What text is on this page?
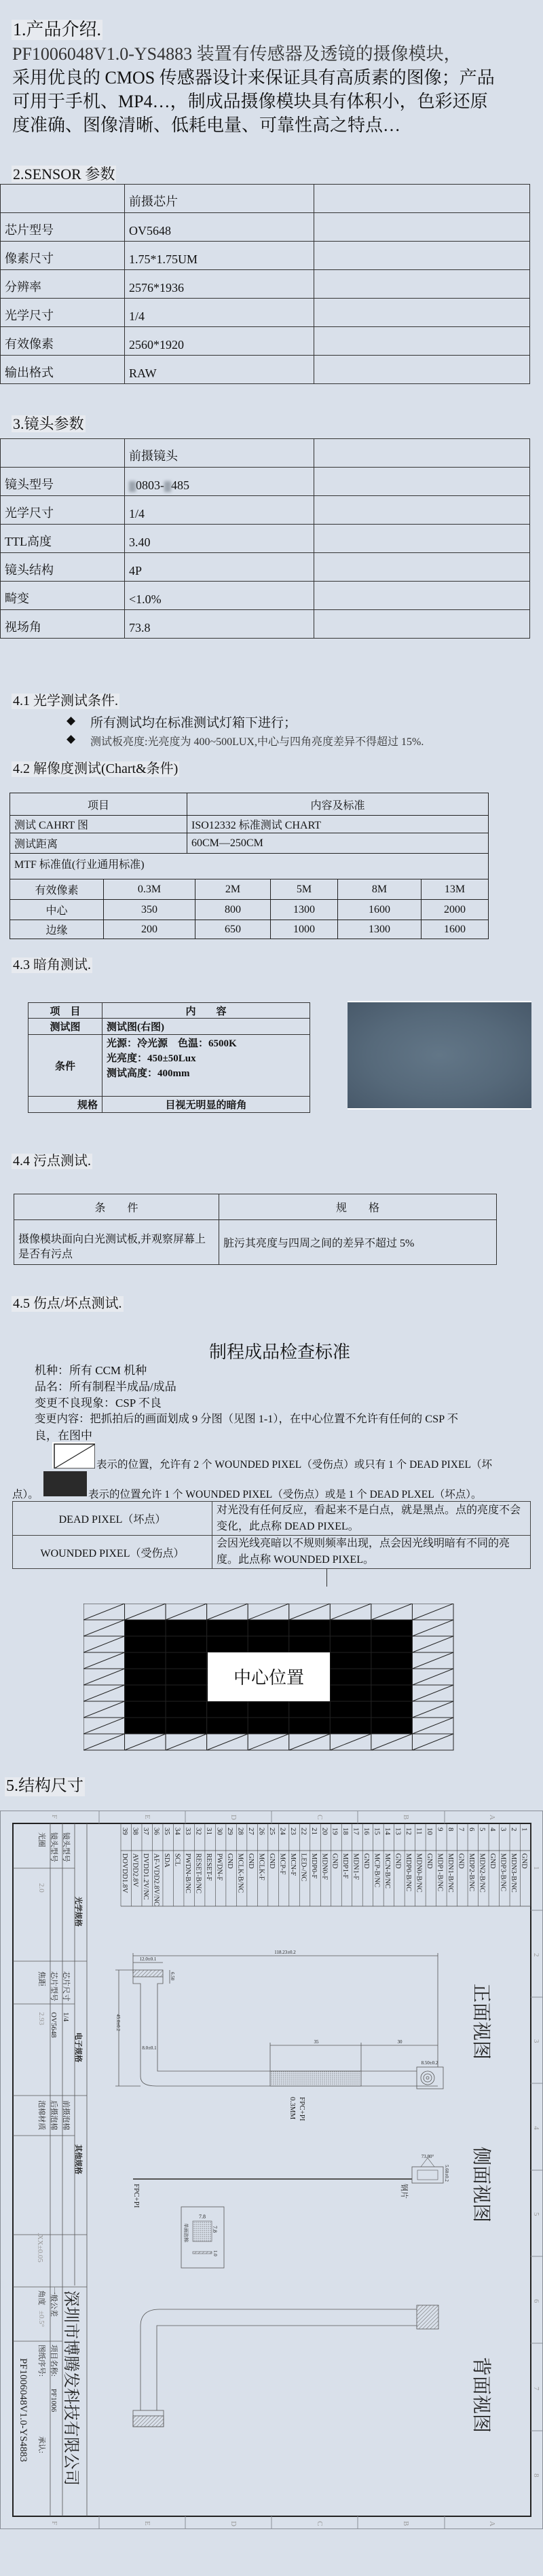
1.产品介绍.
PF1006048V1.0-YS4883 装置有传感器及透镜的摄像模块，
采用优良的 CMOS 传感器设计来保证具有高质素的图像；产品
可用于手机、MP4…，制成品摄像模块具有体积小，色彩还原
度准确、图像清晰、低耗电量、可靠性高之特点…
2.SENSOR 参数
	前摄芯片	
芯片型号	OV5648	
像素尺寸	1.75*1.75UM	
分辨率	2576*1936	
光学尺寸	1/4	
有效像素	2560*1920	
输出格式	RAW	
3.镜头参数
	前摄镜头	
镜头型号	0803- 485	
光学尺寸	1/4	
TTL高度	3.40	
镜头结构	4P	
畸变	<1.0%	
视场角	73.8	
4.1 光学测试条件.
◆ 所有测试均在标准测试灯箱下进行；
◆ 测试板亮度:光亮度为 400~500LUX,中心与四角亮度差异不得超过 15%.
4.2 解像度测试(Chart&条件)
项目	内容及标准
测试 CAHRT 图	ISO12332 标准测试 CHART
测试距离	60CM—250CM
MTF 标准值(行业通用标准)	
有效像素	0.3M	2M	5M	8M	13M
中心	350	800	1300	1600	2000
边缘	200	650	1000	1300	1600
4.3 暗角测试.
项　目	内　　容
测试图	测试图(右图)
条件	光源：冷光源　色温：6500K
光亮度：450±50Lux
测试高度：400mm

规格	目视无明显的暗角
4.4 污点测试.
条　　件	规　　格
摄像模块面向白光测试板,并观察屏幕上是否有污点	脏污其亮度与四周之间的差异不超过 5%
4.5 伤点/坏点测试.
制程成品检查标准
机种：所有 CCM 机种
品名：所有制程半成品/成品
变更不良现象：CSP 不良
变更内容：把抓拍后的画面划成 9 分图（见图 1-1），在中心位置不允许有任何的 CSP 不
良，在图中
表示的位置，允许有 2 个 WOUNDED PIXEL（受伤点）或只有 1 个 DEAD PIXEL（坏
点）。	表示的位置允许 1 个 WOUNDED PIXEL（受伤点）或是 1 个 DEAD PLXEL（坏点）。
DEAD PIXEL（坏点）	对光没有任何反应，看起来不是白点，就是黑点。点的亮度不会变化，此点称 DEAD PIXEL。
WOUNDED PIXEL（受伤点）	会因光线亮暗以不规则频率出现，点会因光线明暗有不同的亮度。此点称 WOUNDED PIXEL。
中心位置
5.结构尺寸
F
F
E
E
D
D
C
C
B
B
A
A
1
2
3
4
5
6
7
8
1
GND
2
MDN3-B/NC
3
MDP3-B/NC
4
GND
5
MDN2-B/NC
6
MDP2-B/NC
7
GND
8
MDN1-B/NC
9
MDP1-B/NC
10
GND
11
MDN0-B/NC
12
MDP0-B/NC
13
GND
14
MCN-B/NC
15
MCP-B/NC
16
GND
17
MDN1-F
18
MDP1-F
19
GND
20
MDN0-F
21
MDP0-F
22
LED-/NC
23
MCN-F
24
MCP-F
25
GND
26
MCLK-F
27
GND
28
MCLK-B/NC
29
GND
30
PWDN-F
31
RESET-F
32
RESET-B/NC
33
PWDN-B/NC
34
SCL
35
SDA
36
AF-VDD2.8V/NC
37
DVDD1.2V/NC
38
AVDD2.8V
39
DOVDD1.8V
镜头型号
镜头型号
光圈
2.0
光学规格
芯片尺寸
1/4
芯片型号
OV5648
焦距
2.93
电子规格
前摄泡棉
后摄泡棉
泡棉材质
其他规格
.XX±0.05
一般公差
角度
±0.5° 深圳市博腾发科技有限公司
项目名称:
PF1006
图纸序号:
承认:
PF1006048V1.0-YS4883
正面视图
侧面视图
背面视图
118.23±0.2
12.0±0.1
6.50
45.0±0.2
8.0±0.1
35	30
8.50±0.2
FPC+PI
0.3MM
73.80°
5.60±0.2
FPC+PI	钢片
7.8
7.8
单面泡棉
1.0
